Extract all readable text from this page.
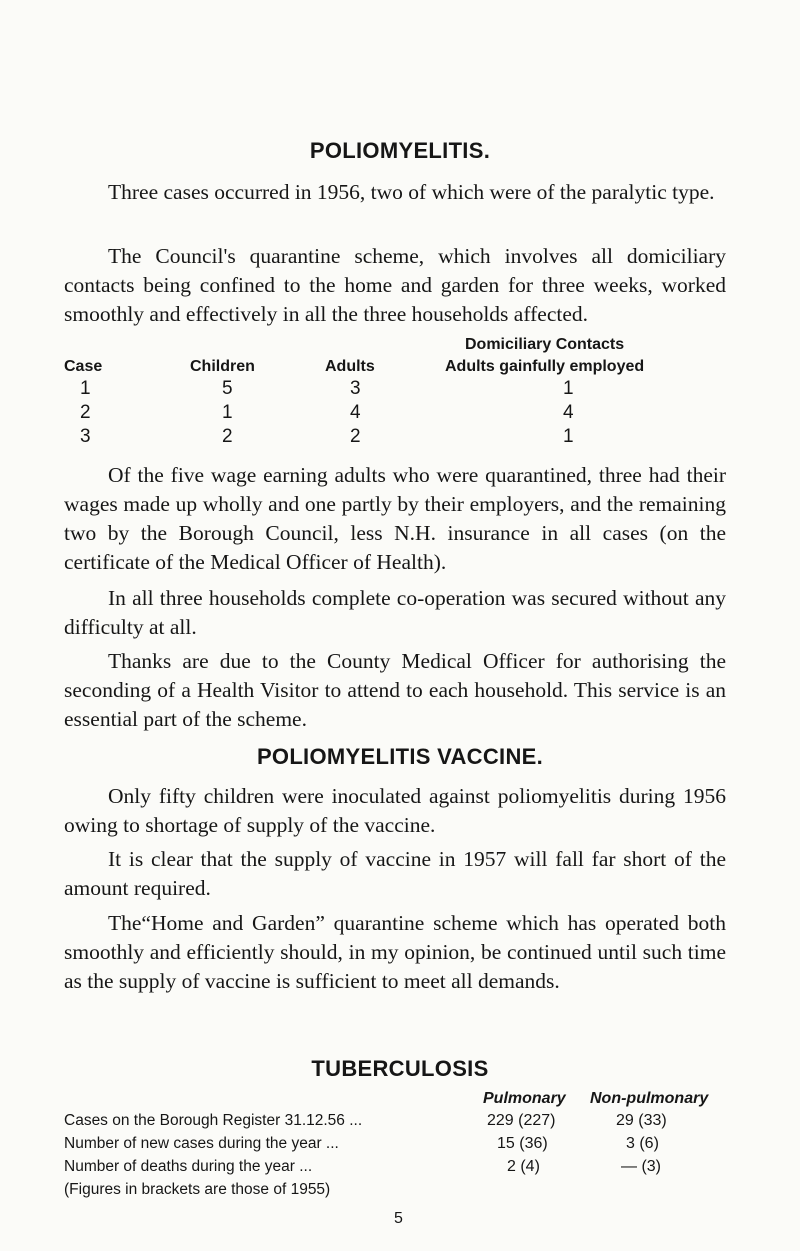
POLIOMYELITIS.

Three cases occurred in 1956, two of which were of the paralytic type.

The Council's quarantine scheme, which involves all domiciliary contacts being confined to the home and garden for three weeks, worked smoothly and effectively in all the three households affected.

Domiciliary Contacts
Case	Children	Adults	Adults gainfully employed
1	5	3	1
2	1	4	4
3	2	2	1

Of the five wage earning adults who were quarantined, three had their wages made up wholly and one partly by their employers, and the remaining two by the Borough Council, less N.H. insurance in all cases (on the certificate of the Medical Officer of Health).

In all three households complete co-operation was secured without any difficulty at all.

Thanks are due to the County Medical Officer for authorising the seconding of a Health Visitor to attend to each household. This service is an essential part of the scheme.

POLIOMYELITIS VACCINE.

Only fifty children were inoculated against poliomyelitis during 1956 owing to shortage of supply of the vaccine.

It is clear that the supply of vaccine in 1957 will fall far short of the amount required.

The“Home and Garden” quarantine scheme which has operated both smoothly and efficiently should, in my opinion, be continued until such time as the supply of vaccine is sufficient to meet all demands.

TUBERCULOSIS
Pulmonary Non-pulmonary
Cases on the Borough Register 31.12.56 ...	229 (227)	29 (33)
Number of new cases during the year ...	15 (36)	3 (6)
Number of deaths during the year ...	2 (4)	— (3)
(Figures in brackets are those of 1955)
5
